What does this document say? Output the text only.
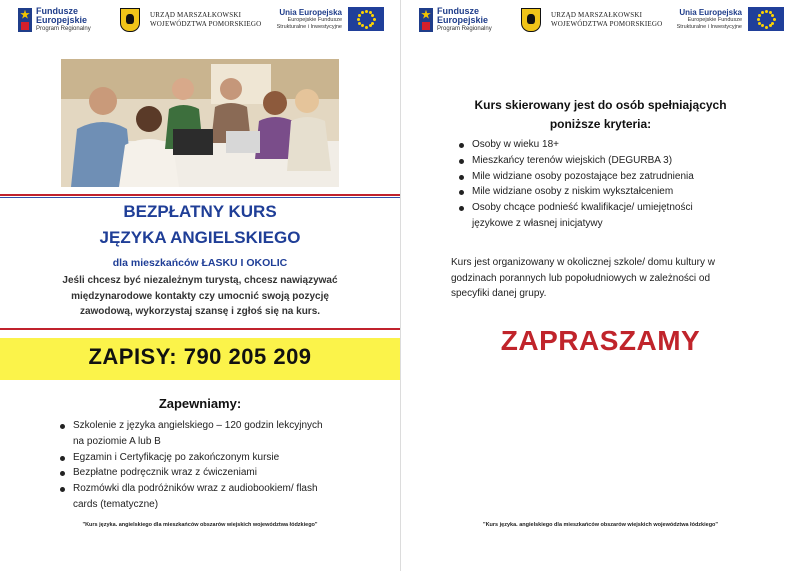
Fundusze
Europejskie
Program Regionalny
URZĄD MARSZAŁKOWSKI
WOJEWÓDZTWA POMORSKIEGO
Unia Europejska
Europejskie Fundusze
Strukturalne i Inwestycyjne
BEZPŁATNY KURS
JĘZYKA ANGIELSKIEGO
dla mieszkańców ŁASKU I OKOLIC
Jeśli chcesz być niezależnym turystą, chcesz nawiązywać
międzynarodowe kontakty czy umocnić swoją pozycję
zawodową, wykorzystaj szansę i zgłoś się na kurs.
ZAPISY: 790 205 209
Zapewniamy:
Szkolenie z języka angielskiego – 120 godzin lekcyjnych
na poziomie A lub B
Egzamin i Certyfikację po zakończonym kursie
Bezpłatne podręcznik wraz z ćwiczeniami
Rozmówki dla podróżników wraz z audiobookiem/ flash
cards (tematyczne)
"Kurs języka. angielskiego dla mieszkańców obszarów wiejskich województwa łódzkiego"
Fundusze
Europejskie
Program Regionalny
URZĄD MARSZAŁKOWSKI
WOJEWÓDZTWA POMORSKIEGO
Unia Europejska
Europejskie Fundusze
Strukturalne i Inwestycyjne
Kurs skierowany jest do osób spełniających
poniższe kryteria:
Osoby w wieku 18+
Mieszkańcy terenów wiejskich (DEGURBA 3)
Mile widziane osoby pozostające bez zatrudnienia
Mile widziane osoby z niskim wykształceniem
Osoby chcące podnieść kwalifikacje/ umiejętności
językowe z własnej inicjatywy
Kurs jest organizowany w okolicznej szkole/ domu kultury w
godzinach porannych lub popołudniowych w zależności od
specyfiki danej grupy.
ZAPRASZAMY
"Kurs języka. angielskiego dla mieszkańców obszarów wiejskich województwa łódzkiego"
